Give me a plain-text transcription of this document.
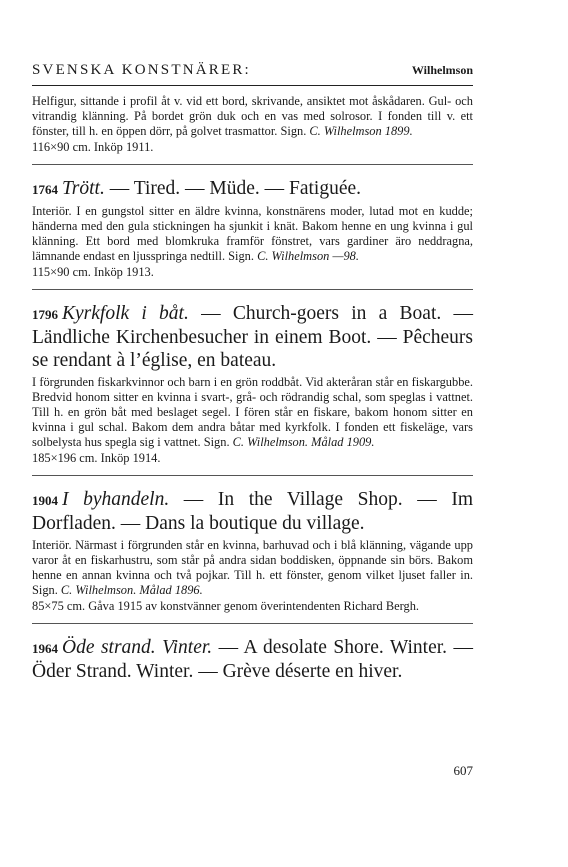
SVENSKA KONSTNÄRER:	Wilhelmson

Helfigur, sittande i profil åt v. vid ett bord, skrivande, ansiktet mot åskådaren. Gul- och vitrandig klänning. På bordet grön duk och en vas med solrosor. I fonden till v. ett fönster, till h. en öppen dörr, på golvet trasmattor. Sign. C. Wilhelmson 1899.

116×90 cm. Inköp 1911.

1764 Trött. — Tired. — Müde. — Fatiguée.

Interiör. I en gungstol sitter en äldre kvinna, konstnärens moder, lutad mot en kudde; händerna med den gula stickningen ha sjunkit i knät. Bakom henne en ung kvinna i gul klänning. Ett bord med blomkruka framför fönstret, vars gardiner äro neddragna, lämnande endast en ljusspringa nedtill. Sign. C. Wilhelmson —98.

115×90 cm. Inköp 1913.

1796 Kyrkfolk i båt. — Church-goers in a Boat. — Ländliche Kirchenbesucher in einem Boot. — Pêcheurs se rendant à l’église, en bateau.

I förgrunden fiskarkvinnor och barn i en grön roddbåt. Vid akteråran står en fiskargubbe. Bredvid honom sitter en kvinna i svart-, grå- och rödrandig schal, som speglas i vattnet. Till h. en grön båt med beslaget segel. I fören står en fiskare, bakom honom sitter en kvinna i gul schal. Bakom dem andra båtar med kyrkfolk. I fonden ett fiskeläge, vars solbelysta hus spegla sig i vattnet. Sign. C. Wilhelmson. Målad 1909.

185×196 cm. Inköp 1914.

1904 I byhandeln. — In the Village Shop. — Im Dorfladen. — Dans la boutique du village.

Interiör. Närmast i förgrunden står en kvinna, barhuvad och i blå klänning, vägande upp varor åt en fiskarhustru, som står på andra sidan boddisken, öppnande sin börs. Bakom henne en annan kvinna och två pojkar. Till h. ett fönster, genom vilket ljuset faller in. Sign. C. Wilhelmson. Målad 1896.

85×75 cm. Gåva 1915 av konstvänner genom överintendenten Richard Bergh.

1964 Öde strand. Vinter. — A desolate Shore. Winter. — Öder Strand. Winter. — Grève déserte en hiver.

607
